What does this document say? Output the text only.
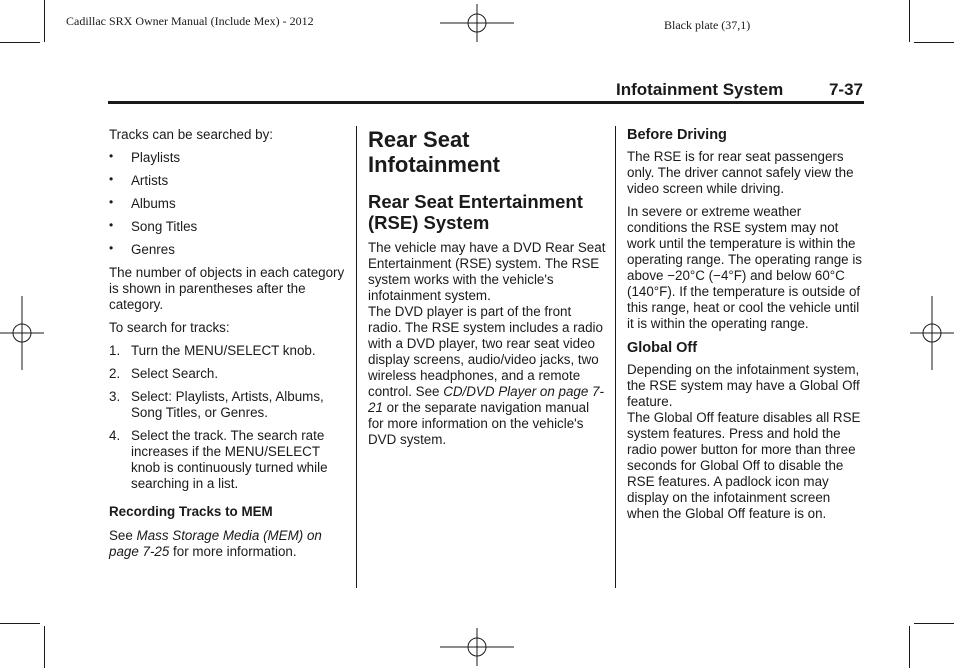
Cadillac SRX Owner Manual (Include Mex) - 2012	Black plate (37,1)
Infotainment System	7-37

Tracks can be searched by:

• Playlists
• Artists
• Albums
• Song Titles
• Genres

The number of objects in each category is shown in parentheses after the category.

To search for tracks:

1. Turn the MENU/SELECT knob.
2. Select Search.
3. Select: Playlists, Artists, Albums, Song Titles, or Genres.
4. Select the track. The search rate increases if the MENU/SELECT knob is continuously turned while searching in a list.

Recording Tracks to MEM

See Mass Storage Media (MEM) on page 7-25 for more information.

Rear Seat Infotainment

Rear Seat Entertainment (RSE) System

The vehicle may have a DVD Rear Seat Entertainment (RSE) system. The RSE system works with the vehicle's infotainment system.

The DVD player is part of the front radio. The RSE system includes a radio with a DVD player, two rear seat video display screens, audio/video jacks, two wireless headphones, and a remote control. See CD/DVD Player on page 7-21 or the separate navigation manual for more information on the vehicle's DVD system.

Before Driving

The RSE is for rear seat passengers only. The driver cannot safely view the video screen while driving.

In severe or extreme weather conditions the RSE system may not work until the temperature is within the operating range. The operating range is above −20°C (−4°F) and below 60°C (140°F). If the temperature is outside of this range, heat or cool the vehicle until it is within the operating range.

Global Off

Depending on the infotainment system, the RSE system may have a Global Off feature.

The Global Off feature disables all RSE system features. Press and hold the radio power button for more than three seconds for Global Off to disable the RSE features. A padlock icon may display on the infotainment screen when the Global Off feature is on.
